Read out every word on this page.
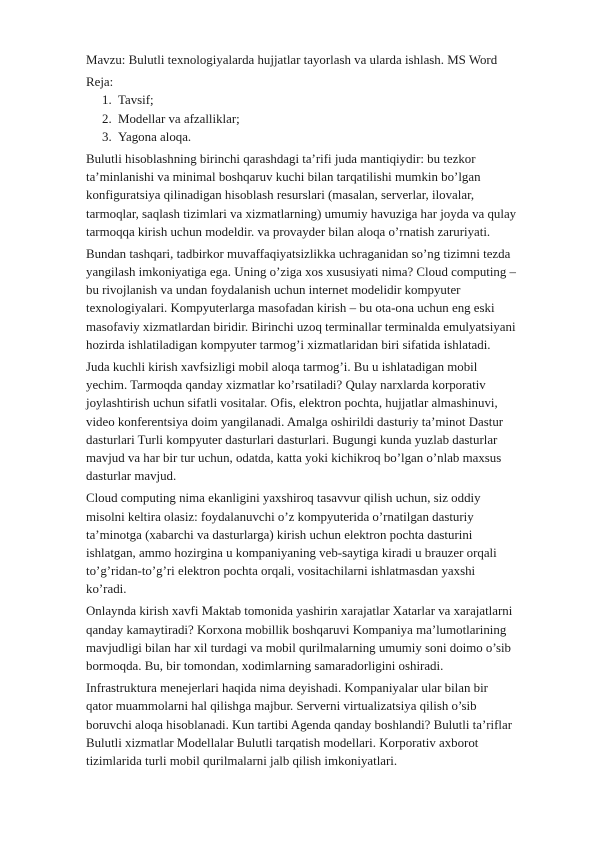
Mavzu: Bulutli texnologiyalarda hujjatlar tayorlash va ularda ishlash. MS Word
Reja:
1. Tavsif;
2. Modellar va afzalliklar;
3. Yagona aloqa.
Bulutli hisoblashning birinchi qarashdagi ta’rifi juda mantiqiydir: bu tezkor
ta’minlanishi va minimal boshqaruv kuchi bilan tarqatilishi mumkin bo’lgan
konfiguratsiya qilinadigan hisoblash resurslari (masalan, serverlar, ilovalar,
tarmoqlar, saqlash tizimlari va xizmatlarning) umumiy havuziga har joyda va qulay
tarmoqqa kirish uchun modeldir. va provayder bilan aloqa o’rnatish zaruriyati.
Bundan tashqari, tadbirkor muvaffaqiyatsizlikka uchraganidan so’ng tizimni tezda
yangilash imkoniyatiga ega. Uning o’ziga xos xususiyati nima? Cloud computing –
bu rivojlanish va undan foydalanish uchun internet modelidir kompyuter
texnologiyalari. Kompyuterlarga masofadan kirish – bu ota-ona uchun eng eski
masofaviy xizmatlardan biridir. Birinchi uzoq terminallar terminalda emulyatsiyani
hozirda ishlatiladigan kompyuter tarmog’i xizmatlaridan biri sifatida ishlatadi.
Juda kuchli kirish xavfsizligi mobil aloqa tarmog’i. Bu u ishlatadigan mobil
yechim. Tarmoqda qanday xizmatlar ko’rsatiladi? Qulay narxlarda korporativ
joylashtirish uchun sifatli vositalar. Ofis, elektron pochta, hujjatlar almashinuvi,
video konferentsiya doim yangilanadi. Amalga oshirildi dasturiy ta’minot Dastur
dasturlari Turli kompyuter dasturlari dasturlari. Bugungi kunda yuzlab dasturlar
mavjud va har bir tur uchun, odatda, katta yoki kichikroq bo’lgan o’nlab maxsus
dasturlar mavjud.
Cloud computing nima ekanligini yaxshiroq tasavvur qilish uchun, siz oddiy
misolni keltira olasiz: foydalanuvchi o’z kompyuterida o’rnatilgan dasturiy
ta’minotga (xabarchi va dasturlarga) kirish uchun elektron pochta dasturini
ishlatgan, ammo hozirgina u kompaniyaning veb-saytiga kiradi u brauzer orqali
to’g’ridan-to’g’ri elektron pochta orqali, vositachilarni ishlatmasdan yaxshi
ko’radi.
Onlaynda kirish xavfi Maktab tomonida yashirin xarajatlar Xatarlar va xarajatlarni
qanday kamaytiradi? Korxona mobillik boshqaruvi Kompaniya ma’lumotlarining
mavjudligi bilan har xil turdagi va mobil qurilmalarning umumiy soni doimo o’sib
bormoqda. Bu, bir tomondan, xodimlarning samaradorligini oshiradi.
Infrastruktura menejerlari haqida nima deyishadi. Kompaniyalar ular bilan bir
qator muammolarni hal qilishga majbur. Serverni virtualizatsiya qilish o’sib
boruvchi aloqa hisoblanadi. Kun tartibi Agenda qanday boshlandi? Bulutli ta’riflar
Bulutli xizmatlar Modellalar Bulutli tarqatish modellari. Korporativ axborot
tizimlarida turli mobil qurilmalarni jalb qilish imkoniyatlari.
